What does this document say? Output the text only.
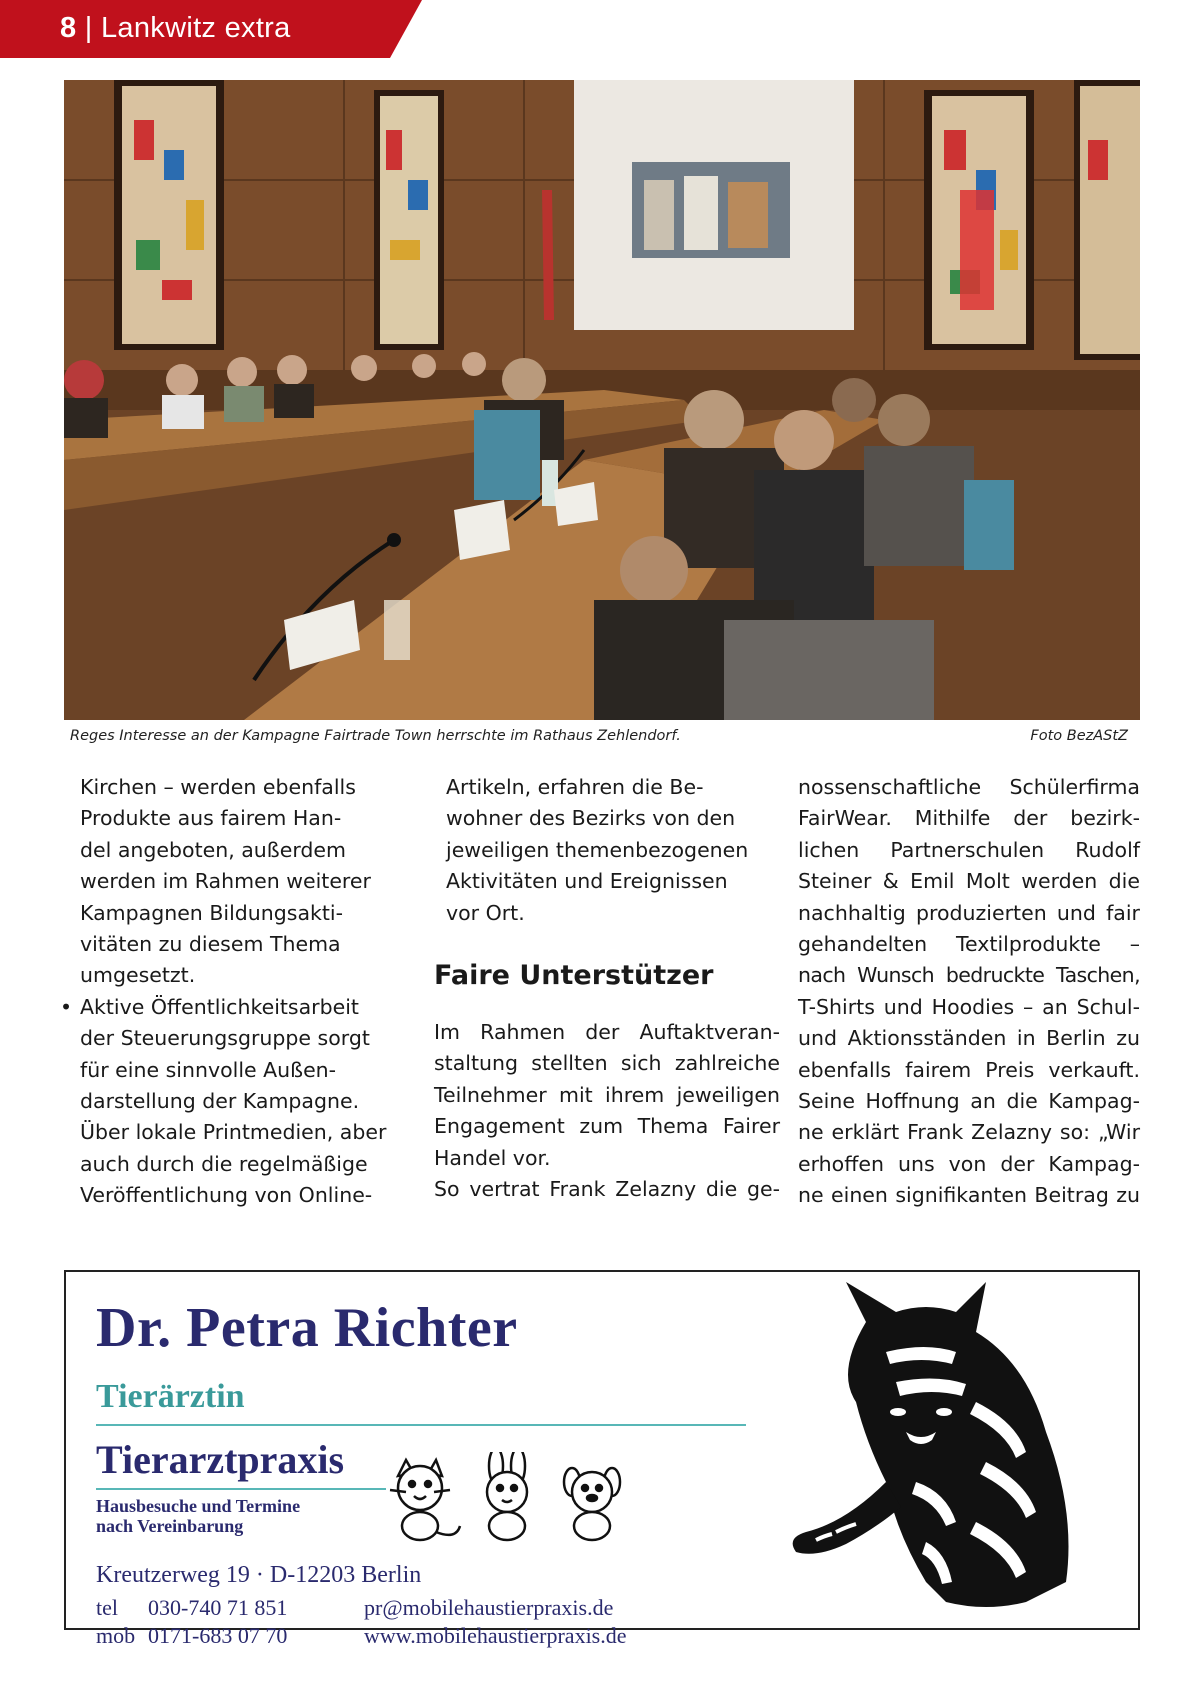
8 | Lankwitz extra
Reges Interesse an der Kampagne Fairtrade Town herrschte im Rathaus Zehlendorf.	Foto BezAStZ

Kirchen – werden ebenfalls
Produkte aus fairem Han-
del angeboten, außerdem
werden im Rahmen weiterer
Kampagnen Bildungsakti-
vitäten zu diesem Thema
umgesetzt.

• Aktive Öffentlichkeitsarbeit
der Steuerungsgruppe sorgt
für eine sinnvolle Außen-
darstellung der Kampagne.
Über lokale Printmedien, aber
auch durch die regelmäßige
Veröffentlichung von Online-

Artikeln, erfahren die Be-
wohner des Bezirks von den
jeweiligen themenbezogenen
Aktivitäten und Ereignissen
vor Ort.

Faire Unterstützer
Im Rahmen der Auftaktveran-
staltung stellten sich zahlreiche
Teilnehmer mit ihrem jeweiligen
Engagement zum Thema Fairer
Handel vor.
So vertrat Frank Zelazny die ge-
nossenschaftliche Schülerfirma
FairWear. Mithilfe der bezirk-
lichen Partnerschulen Rudolf
Steiner & Emil Molt werden die
nachhaltig produzierten und fair
gehandelten Textilprodukte –
nach Wunsch bedruckte Taschen,
T-Shirts und Hoodies – an Schul-
und Aktionsständen in Berlin zu
ebenfalls fairem Preis verkauft.
Seine Hoffnung an die Kampag-
ne erklärt Frank Zelazny so: „Wir
erhoffen uns von der Kampag-
ne einen signifikanten Beitrag zu
Dr. Petra Richter
Tierärztin
Tierarztpraxis
Hausbesuche und Termine
nach Vereinbarung
Kreutzerweg 19 · D-12203 Berlin
tel	030-740 71 851	pr@mobilehaustierpraxis.de
mob 0171-683 07 70	www.mobilehaustierpraxis.de
